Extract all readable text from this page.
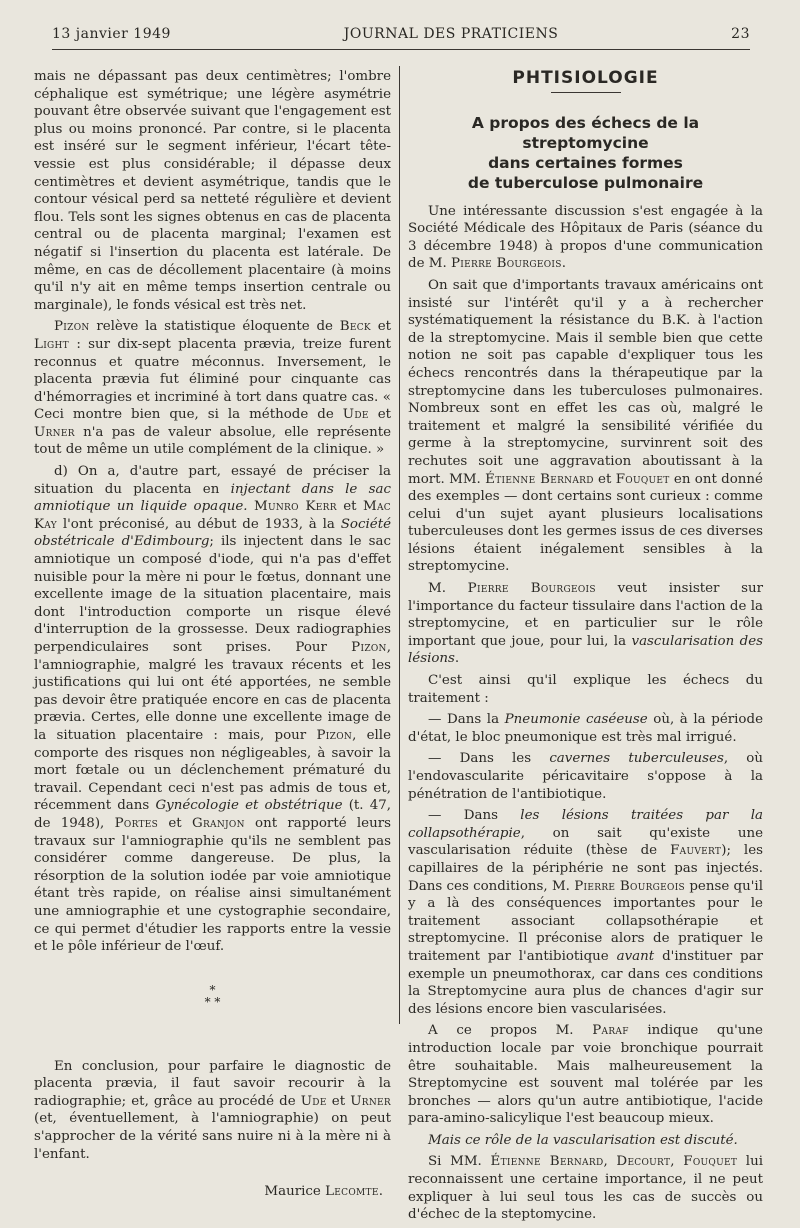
13 janvier 1949	JOURNAL DES PRATICIENS	23

mais ne dépassant pas deux centimètres; l'ombre céphalique est symétrique; une légère asymétrie pouvant être observée suivant que l'engagement est plus ou moins prononcé. Par contre, si le placenta est inséré sur le segment inférieur, l'écart tête-vessie est plus considérable; il dépasse deux centimètres et devient asymétrique, tandis que le contour vésical perd sa netteté régulière et devient flou. Tels sont les signes obtenus en cas de placenta central ou de placenta marginal; l'examen est négatif si l'insertion du placenta est latérale. De même, en cas de décollement placentaire (à moins qu'il n'y ait en même temps insertion centrale ou marginale), le fonds vésical est très net.

Pizon relève la statistique éloquente de Beck et Light : sur dix-sept placenta prævia, treize furent reconnus et quatre méconnus. Inversement, le placenta prævia fut éliminé pour cinquante cas d'hémorragies et incriminé à tort dans quatre cas. « Ceci montre bien que, si la méthode de Ude et Urner n'a pas de valeur absolue, elle représente tout de même un utile complément de la clinique. »

d) On a, d'autre part, essayé de préciser la situation du placenta en injectant dans le sac amniotique un liquide opaque. Munro Kerr et Mac Kay l'ont préconisé, au début de 1933, à la Société obstétricale d'Edimbourg; ils injectent dans le sac amniotique un composé d'iode, qui n'a pas d'effet nuisible pour la mère ni pour le fœtus, donnant une excellente image de la situation placentaire, mais dont l'introduction comporte un risque élevé d'interruption de la grossesse. Deux radiographies perpendiculaires sont prises. Pour Pizon, l'amniographie, malgré les travaux récents et les justifications qui lui ont été apportées, ne semble pas devoir être pratiquée encore en cas de placenta prævia. Certes, elle donne une excellente image de la situation placentaire : mais, pour Pizon, elle comporte des risques non négligeables, à savoir la mort fœtale ou un déclenchement prématuré du travail. Cependant ceci n'est pas admis de tous et, récemment dans Gynécologie et obstétrique (t. 47, de 1948), Portes et Granjon ont rapporté leurs travaux sur l'amniographie qu'ils ne semblent pas considérer comme dangereuse. De plus, la résorption de la solution iodée par voie amniotique étant très rapide, on réalise ainsi simultanément une amniographie et une cystographie secondaire, ce qui permet d'étudier les rapports entre la vessie et le pôle inférieur de l'œuf.

*
* *

En conclusion, pour parfaire le diagnostic de placenta prævia, il faut savoir recourir à la radiographie; et, grâce au procédé de Ude et Urner (et, éventuellement, à l'amniographie) on peut s'approcher de la vérité sans nuire ni à la mère ni à l'enfant.

Maurice Lecomte.
PHTISIOLOGIE
A propos des échecs de la streptomycine
dans certaines formes
de tuberculose pulmonaire

Une intéressante discussion s'est engagée à la Société Médicale des Hôpitaux de Paris (séance du 3 décembre 1948) à propos d'une communication de M. Pierre Bourgeois.

On sait que d'importants travaux américains ont insisté sur l'intérêt qu'il y a à rechercher systématiquement la résistance du B.K. à l'action de la streptomycine. Mais il semble bien que cette notion ne soit pas capable d'expliquer tous les échecs rencontrés dans la thérapeutique par la streptomycine dans les tuberculoses pulmonaires. Nombreux sont en effet les cas où, malgré le traitement et malgré la sensibilité vérifiée du germe à la streptomycine, survinrent soit des rechutes soit une aggravation aboutissant à la mort. MM. Étienne Bernard et Fouquet en ont donné des exemples — dont certains sont curieux : comme celui d'un sujet ayant plusieurs localisations tuberculeuses dont les germes issus de ces diverses lésions étaient inégalement sensibles à la streptomycine.

M. Pierre Bourgeois veut insister sur l'importance du facteur tissulaire dans l'action de la streptomycine, et en particulier sur le rôle important que joue, pour lui, la vascularisation des lésions.

C'est ainsi qu'il explique les échecs du traitement :

— Dans la Pneumonie caséeuse où, à la période d'état, le bloc pneumonique est très mal irrigué.

— Dans les cavernes tuberculeuses, où l'endovascularite péricavitaire s'oppose à la pénétration de l'antibiotique.

— Dans les lésions traitées par la collapsothérapie, on sait qu'existe une vascularisation réduite (thèse de Fauvert); les capillaires de la périphérie ne sont pas injectés. Dans ces conditions, M. Pierre Bourgeois pense qu'il y a là des conséquences importantes pour le traitement associant collapsothérapie et streptomycine. Il préconise alors de pratiquer le traitement par l'antibiotique avant d'instituer par exemple un pneumothorax, car dans ces conditions la Streptomycine aura plus de chances d'agir sur des lésions encore bien vascularisées.

A ce propos M. Paraf indique qu'une introduction locale par voie bronchique pourrait être souhaitable. Mais malheureusement la Streptomycine est souvent mal tolérée par les bronches — alors qu'un autre antibiotique, l'acide para-amino-salicylique l'est beaucoup mieux.

Mais ce rôle de la vascularisation est discuté.

Si MM. Étienne Bernard, Decourt, Fouquet lui reconnaissent une certaine importance, il ne peut expliquer à lui seul tous les cas de succès ou d'échec de la steptomycine.
